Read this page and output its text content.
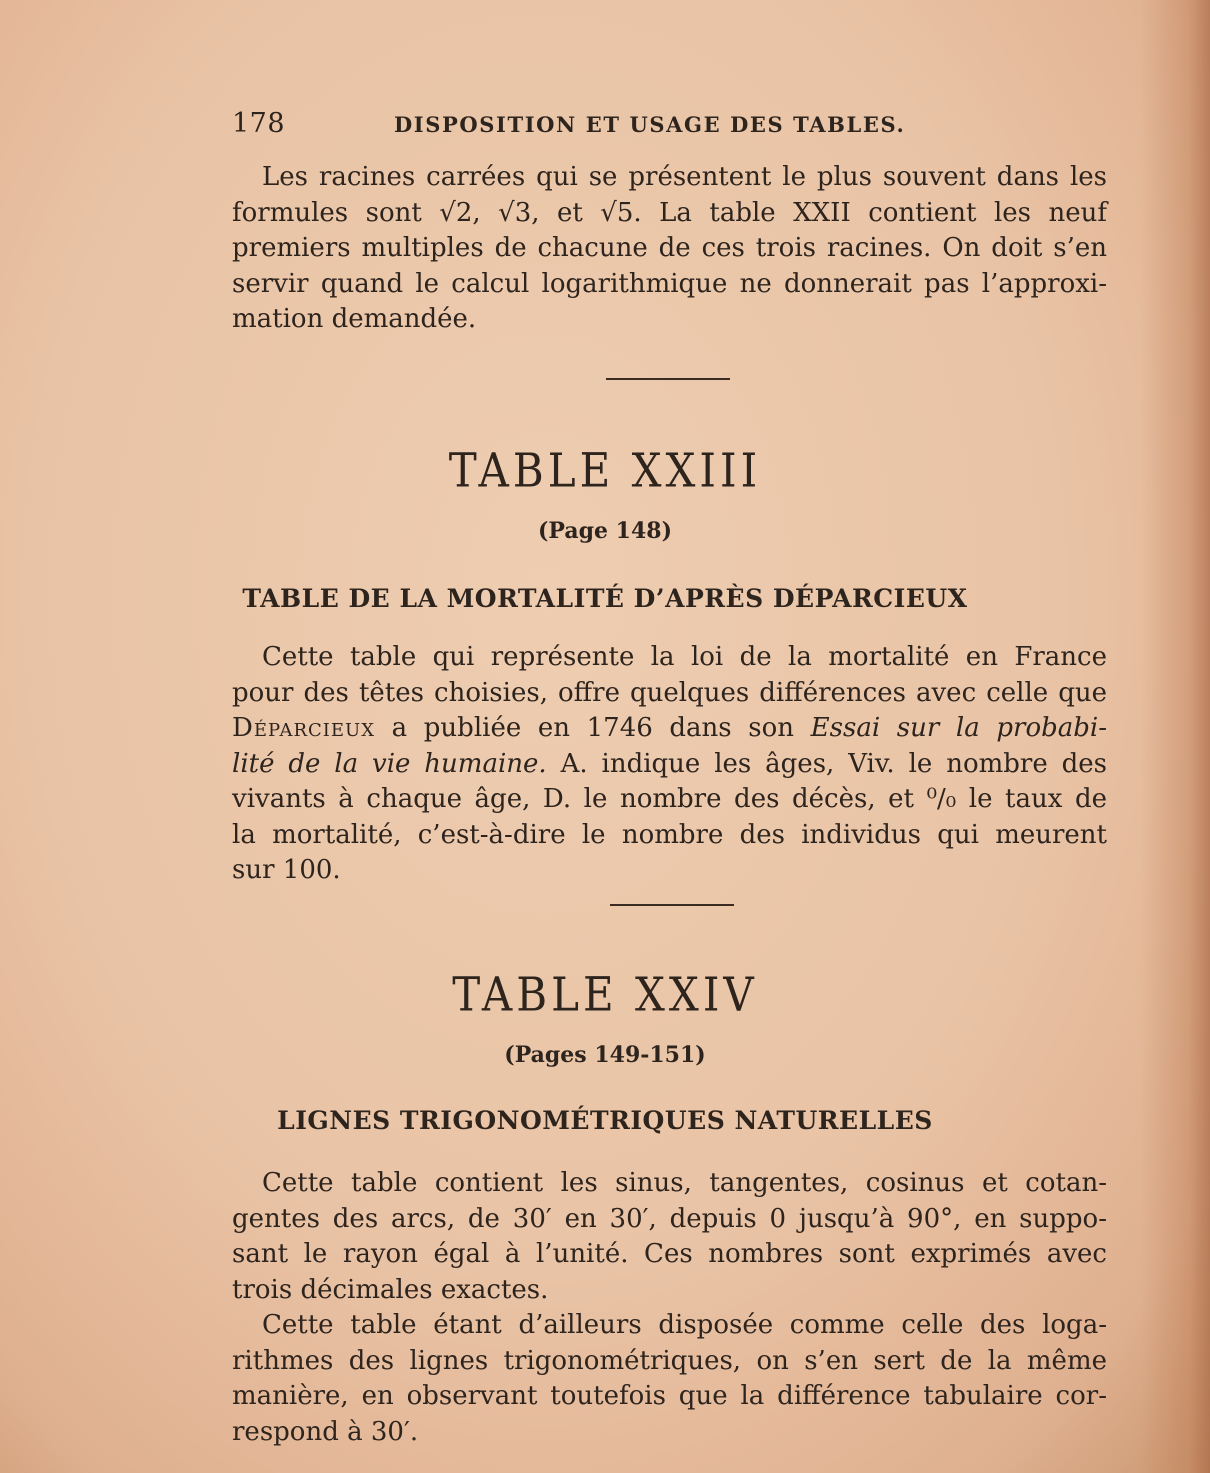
178	DISPOSITION ET USAGE DES TABLES.
Les racines carrées qui se présentent le plus souvent dans les
formules sont √2, √3, et √5. La table XXII contient les neuf
premiers multiples de chacune de ces trois racines. On doit s’en
servir quand le calcul logarithmique ne donnerait pas l’approxi-
mation demandée.
TABLE XXIII
(Page 148)
TABLE DE LA MORTALITÉ D’APRÈS DÉPARCIEUX
Cette table qui représente la loi de la mortalité en France
pour des têtes choisies, offre quelques différences avec celle que
Déparcieux a publiée en 1746 dans son Essai sur la probabi-
lité de la vie humaine. A. indique les âges, Viv. le nombre des
vivants à chaque âge, D. le nombre des décès, et ⁰/₀ le taux de
la mortalité, c’est-à-dire le nombre des individus qui meurent
sur 100.
TABLE XXIV
(Pages 149-151)
LIGNES TRIGONOMÉTRIQUES NATURELLES
Cette table contient les sinus, tangentes, cosinus et cotan-
gentes des arcs, de 30′ en 30′, depuis 0 jusqu’à 90°, en suppo-
sant le rayon égal à l’unité. Ces nombres sont exprimés avec
trois décimales exactes.
Cette table étant d’ailleurs disposée comme celle des loga-
rithmes des lignes trigonométriques, on s’en sert de la même
manière, en observant toutefois que la différence tabulaire cor-
respond à 30′.
